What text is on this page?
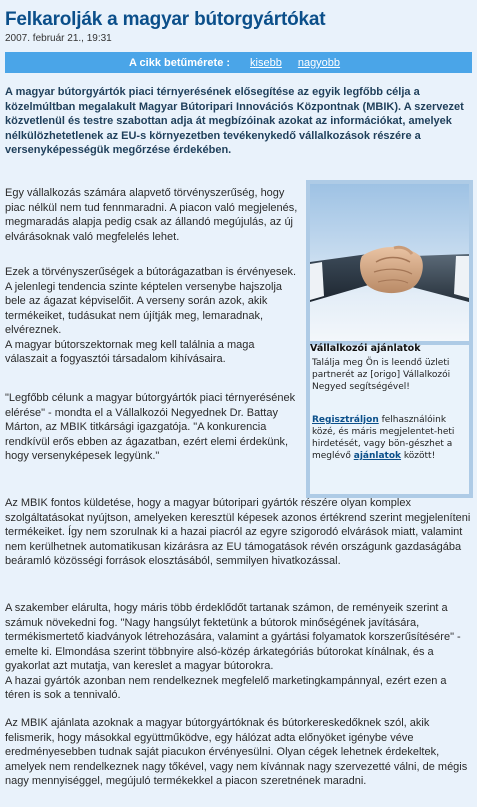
Felkarolják a magyar bútorgyártókat
2007. február 21., 19:31
A cikk betűmérete : kisebb nagyobb
A magyar bútorgyártók piaci térnyerésének elősegítése az egyik legfőbb célja a közelmúltban megalakult Magyar Bútoripari Innovációs Központnak (MBIK). A szervezet közvetlenül és testre szabottan adja át megbízóinak azokat az információkat, amelyek nélkülözhetetlenek az EU-s környezetben tevékenykedő vállalkozások részére a versenyképességük megőrzése érdekében.

Egy vállalkozás számára alapvető törvényszerűség, hogy piac nélkül nem tud fennmaradni. A piacon való megjelenés, megmaradás alapja pedig csak az állandó megújulás, az új elvárásoknak való megfelelés lehet.

Ezek a törvényszerűségek a bútorágazatban is érvényesek. A jelenlegi tendencia szinte képtelen versenybe hajszolja bele az ágazat képviselőit. A verseny során azok, akik termékeiket, tudásukat nem újítják meg, lemaradnak, elvéreznek.

A magyar bútorszektornak meg kell találnia a maga válaszait a fogyasztói társadalom kihívásaira.

"Legfőbb célunk a magyar bútorgyártók piaci térnyerésének elérése" - mondta el a Vállalkozói Negyednek Dr. Battay Márton, az MBIK titkársági igazgatója. "A konkurencia rendkívül erős ebben az ágazatban, ezért elemi érdekünk, hogy versenyképesek legyünk."

Vállalkozói ajánlatok
Találja meg Ön is leendő üzleti partnerét az [origo] Vállalkozói Negyed segítségével!
Regisztráljon felhasználóink közé, és máris megjelentet-heti hirdetését, vagy bön-gészhet a meglévő ajánlatok között!
Az MBIK fontos küldetése, hogy a magyar bútoripari gyártók részére olyan komplex szolgáltatásokat nyújtson, amelyeken keresztül képesek azonos értékrend szerint megjeleníteni termékeiket. Így nem szorulnak ki a hazai piacról az egyre szigorodó elvárások miatt, valamint nem kerülhetnek automatikusan kizárásra az EU támogatások révén országunk gazdaságába beáramló közösségi források elosztásából, semmilyen hivatkozással.

A szakember elárulta, hogy máris több érdeklődőt tartanak számon, de reményeik szerint a számuk növekedni fog. "Nagy hangsúlyt fektetünk a bútorok minőségének javítására, termékismertető kiadványok létrehozására, valamint a gyártási folyamatok korszerűsítésére" - emelte ki. Elmondása szerint többnyire alsó-közép árkategóriás bútorokat kínálnak, és a gyakorlat azt mutatja, van kereslet a magyar bútorokra.

A hazai gyártók azonban nem rendelkeznek megfelelő marketingkampánnyal, ezért ezen a téren is sok a tennivaló.

Az MBIK ajánlata azoknak a magyar bútorgyártóknak és bútorkereskedőknek szól, akik felismerik, hogy másokkal együttműködve, egy hálózat adta előnyöket igénybe véve eredményesebben tudnak saját piacukon érvényesülni. Olyan cégek lehetnek érdekeltek, amelyek nem rendelkeznek nagy tőkével, vagy nem kívánnak nagy szervezetté válni, de mégis nagy mennyiséggel, megújuló termékekkel a piacon szeretnének maradni.
